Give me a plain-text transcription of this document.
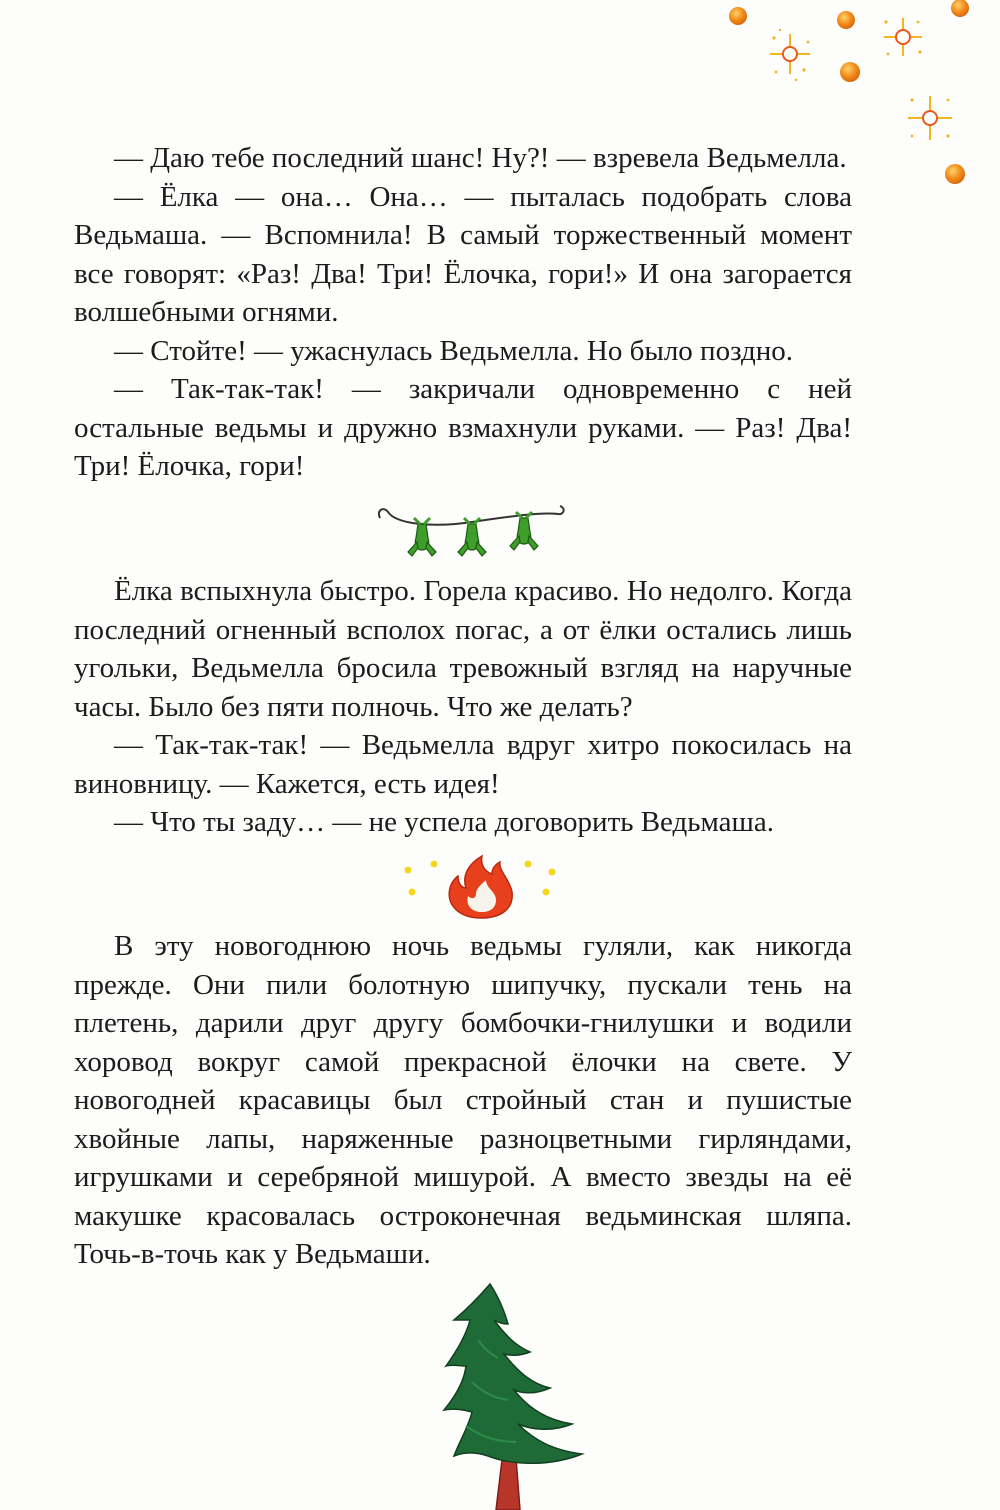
— Даю тебе последний шанс! Ну?! — взревела Ведьмелла.

— Ёлка — она… Она… — пыталась подобрать слова Ведьмаша. — Вспомнила! В самый торжественный момент все говорят: «Раз! Два! Три! Ёлочка, гори!» И она загорается волшебными огнями.

— Стойте! — ужаснулась Ведьмелла. Но было поздно.

— Так-так-так! — закричали одновременно с ней остальные ведьмы и дружно взмахнули руками. — Раз! Два! Три! Ёлочка, гори!

Ёлка вспыхнула быстро. Горела красиво. Но недолго. Когда последний огненный всполох погас, а от ёлки остались лишь угольки, Ведьмелла бросила тревожный взгляд на наручные часы. Было без пяти полночь. Что же делать?

— Так-так-так! — Ведьмелла вдруг хитро покосилась на виновницу. — Кажется, есть идея!

— Что ты заду… — не успела договорить Ведьмаша.

В эту новогоднюю ночь ведьмы гуляли, как никогда прежде. Они пили болотную шипучку, пускали тень на плетень, дарили друг другу бомбочки-гнилушки и водили хоровод вокруг самой прекрасной ёлочки на свете. У новогодней красавицы был стройный стан и пушистые хвойные лапы, наряженные разноцветными гирляндами, игрушками и серебряной мишурой. А вместо звезды на её макушке красовалась остроконечная ведьминская шляпа. Точь-в-точь как у Ведьмаши.
